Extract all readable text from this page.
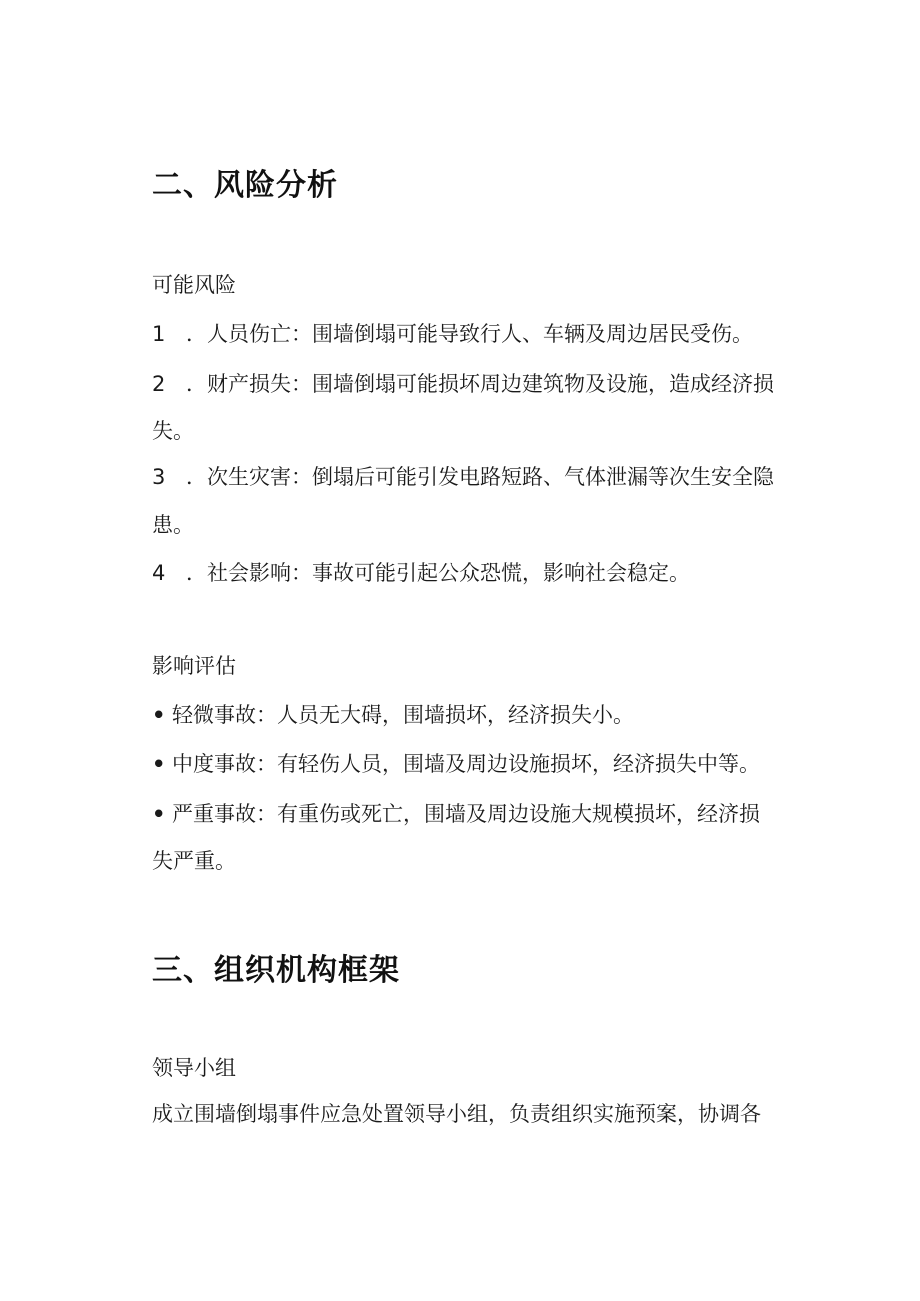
二、风险分析
可能风险
1 ．人员伤亡：围墙倒塌可能导致行人、车辆及周边居民受伤。
2 ．财产损失：围墙倒塌可能损坏周边建筑物及设施，造成经济损
失。
3 ．次生灾害：倒塌后可能引发电路短路、气体泄漏等次生安全隐
患。
4 ．社会影响：事故可能引起公众恐慌，影响社会稳定。
影响评估
• 轻微事故：人员无大碍，围墙损坏，经济损失小。
• 中度事故：有轻伤人员，围墙及周边设施损坏，经济损失中等。
• 严重事故：有重伤或死亡，围墙及周边设施大规模损坏，经济损
失严重。
三、组织机构框架
领导小组
成立围墙倒塌事件应急处置领导小组，负责组织实施预案，协调各
